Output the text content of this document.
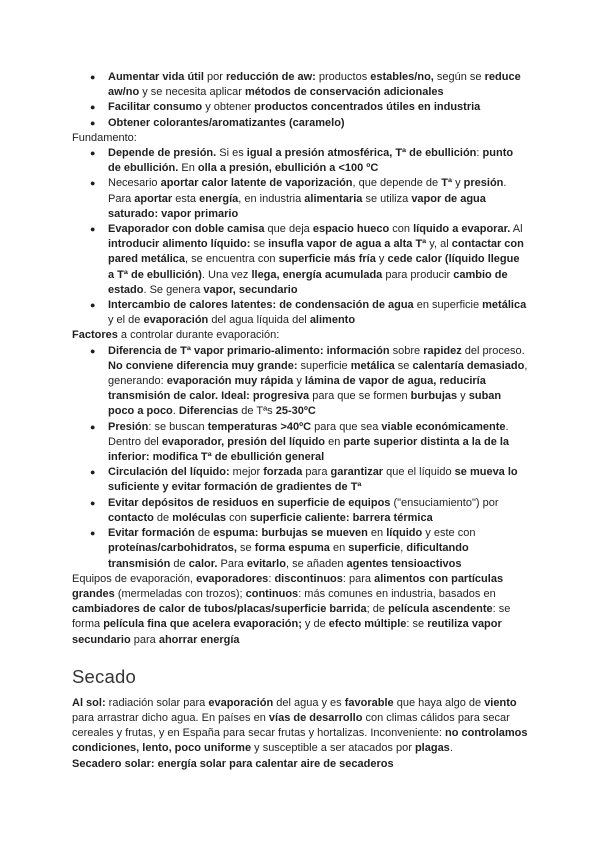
● Aumentar vida útil por reducción de aw: productos estables/no, según se reduce aw/no y se necesita aplicar métodos de conservación adicionales
● Facilitar consumo y obtener productos concentrados útiles en industria
● Obtener colorantes/aromatizantes (caramelo)

Fundamento:

● Depende de presión. Si es igual a presión atmosférica, Tª de ebullición: punto de ebullición. En olla a presión, ebullición a <100 ºC
● Necesario aportar calor latente de vaporización, que depende de Tª y presión. Para aportar esta energía, en industria alimentaria se utiliza vapor de agua saturado: vapor primario
● Evaporador con doble camisa que deja espacio hueco con líquido a evaporar. Al introducir alimento líquido: se insufla vapor de agua a alta Tª y, al contactar con pared metálica, se encuentra con superficie más fría y cede calor (líquido llegue a Tª de ebullición). Una vez llega, energía acumulada para producir cambio de estado. Se genera vapor, secundario
● Intercambio de calores latentes: de condensación de agua en superficie metálica y el de evaporación del agua líquida del alimento

Factores a controlar durante evaporación:

● Diferencia de Tª vapor primario-alimento: información sobre rapidez del proceso. No conviene diferencia muy grande: superficie metálica se calentaría demasiado, generando: evaporación muy rápida y lámina de vapor de agua, reduciría transmisión de calor. Ideal: progresiva para que se formen burbujas y suban poco a poco. Diferencias de Tªs 25-30ºC
● Presión: se buscan temperaturas >40ºC para que sea viable económicamente. Dentro del evaporador, presión del líquido en parte superior distinta a la de la inferior: modifica Tª de ebullición general
● Circulación del líquido: mejor forzada para garantizar que el líquido se mueva lo suficiente y evitar formación de gradientes de Tª
● Evitar depósitos de residuos en superficie de equipos ("ensuciamiento") por contacto de moléculas con superficie caliente: barrera térmica
● Evitar formación de espuma: burbujas se mueven en líquido y este con proteínas/carbohidratos, se forma espuma en superficie, dificultando transmisión de calor. Para evitarlo, se añaden agentes tensioactivos

Equipos de evaporación, evaporadores: discontinuos: para alimentos con partículas grandes (mermeladas con trozos); continuos: más comunes en industria, basados en cambiadores de calor de tubos/placas/superficie barrida; de película ascendente: se forma película fina que acelera evaporación; y de efecto múltiple: se reutiliza vapor secundario para ahorrar energía

Secado

Al sol: radiación solar para evaporación del agua y es favorable que haya algo de viento para arrastrar dicho agua. En países en vías de desarrollo con climas cálidos para secar cereales y frutas, y en España para secar frutas y hortalizas. Inconveniente: no controlamos condiciones, lento, poco uniforme y susceptible a ser atacados por plagas.

Secadero solar: energía solar para calentar aire de secaderos
